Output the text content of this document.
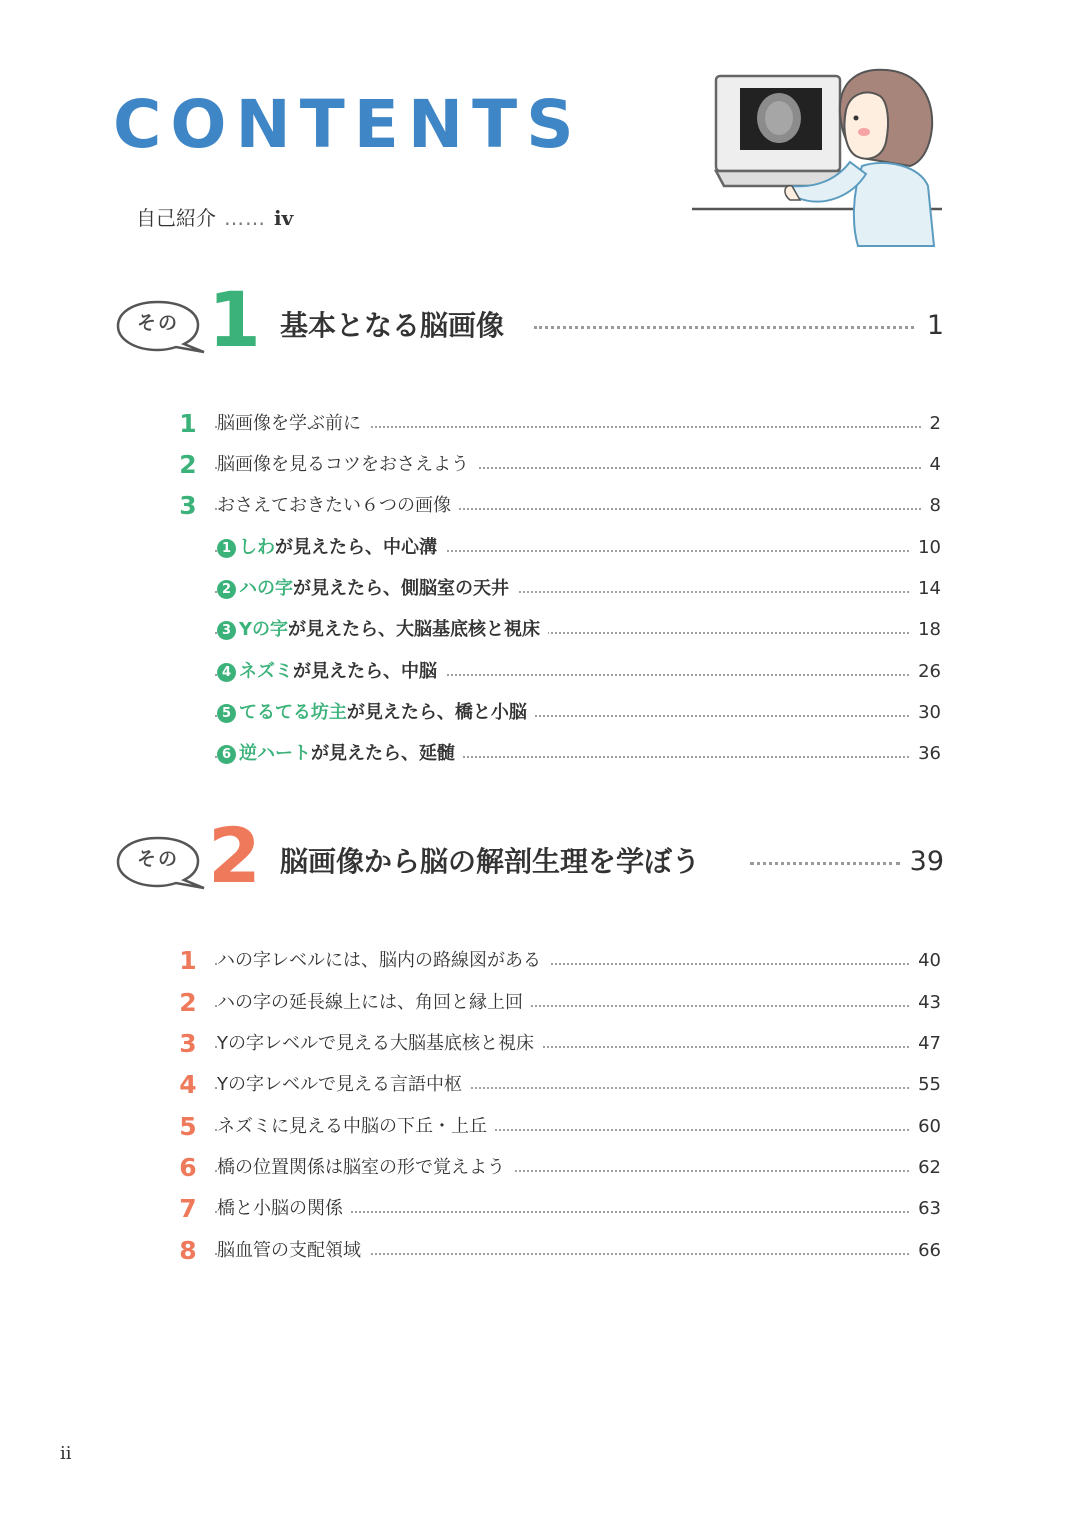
CONTENTS
自己紹介 …… iv
その 1 基本となる脳画像	1
1 脳画像を学ぶ前に	2
2 脳画像を見るコツをおさえよう	4
3 おさえておきたい６つの画像	8
1 しわが見えたら、中心溝	10
2 ハの字が見えたら、側脳室の天井	14
3 Yの字が見えたら、大脳基底核と視床	18
4 ネズミが見えたら、中脳	26
5 てるてる坊主が見えたら、橋と小脳	30
6 逆ハートが見えたら、延髄	36
その 2 脳画像から脳の解剖生理を学ぼう	39
1 ハの字レベルには、脳内の路線図がある	40
2 ハの字の延長線上には、角回と縁上回	43
3 Yの字レベルで見える大脳基底核と視床	47
4 Yの字レベルで見える言語中枢	55
5 ネズミに見える中脳の下丘・上丘	60
6 橋の位置関係は脳室の形で覚えよう	62
7 橋と小脳の関係	63
8 脳血管の支配領域	66
ii
